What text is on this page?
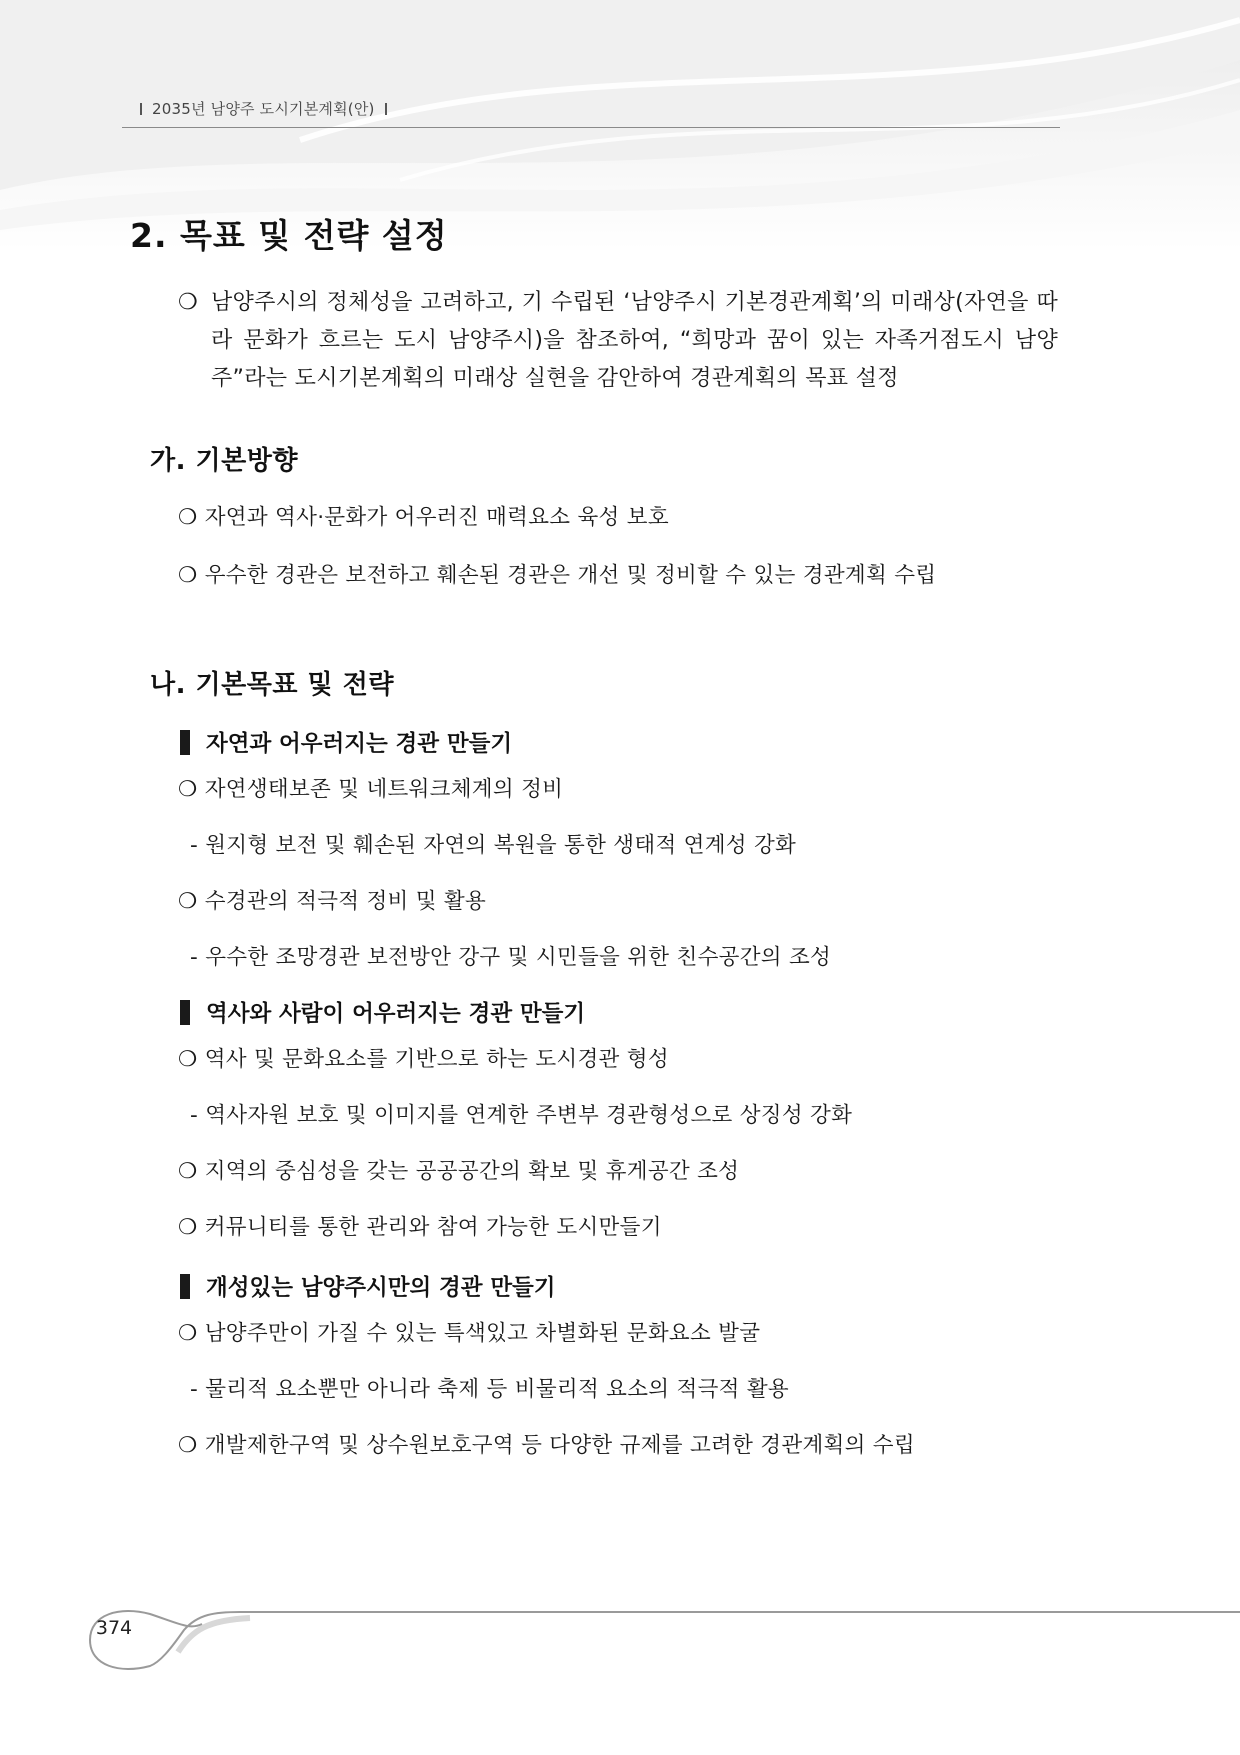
2035년 남양주 도시기본계획(안)
2. 목표 및 전략 설정
❍ 남양주시의 정체성을 고려하고, 기 수립된 ‘남양주시 기본경관계획’의 미래상(자연을 따라 문화가 흐르는 도시 남양주시)을 참조하여, “희망과 꿈이 있는 자족거점도시 남양주”라는 도시기본계획의 미래상 실현을 감안하여 경관계획의 목표 설정
가. 기본방향
❍ 자연과 역사·문화가 어우러진 매력요소 육성 보호
❍ 우수한 경관은 보전하고 훼손된 경관은 개선 및 정비할 수 있는 경관계획 수립
나. 기본목표 및 전략
자연과 어우러지는 경관 만들기
❍ 자연생태보존 및 네트워크체계의 정비
- 원지형 보전 및 훼손된 자연의 복원을 통한 생태적 연계성 강화
❍ 수경관의 적극적 정비 및 활용
- 우수한 조망경관 보전방안 강구 및 시민들을 위한 친수공간의 조성
역사와 사람이 어우러지는 경관 만들기
❍ 역사 및 문화요소를 기반으로 하는 도시경관 형성
- 역사자원 보호 및 이미지를 연계한 주변부 경관형성으로 상징성 강화
❍ 지역의 중심성을 갖는 공공공간의 확보 및 휴게공간 조성
❍ 커뮤니티를 통한 관리와 참여 가능한 도시만들기
개성있는 남양주시만의 경관 만들기
❍ 남양주만이 가질 수 있는 특색있고 차별화된 문화요소 발굴
- 물리적 요소뿐만 아니라 축제 등 비물리적 요소의 적극적 활용
❍ 개발제한구역 및 상수원보호구역 등 다양한 규제를 고려한 경관계획의 수립
374
